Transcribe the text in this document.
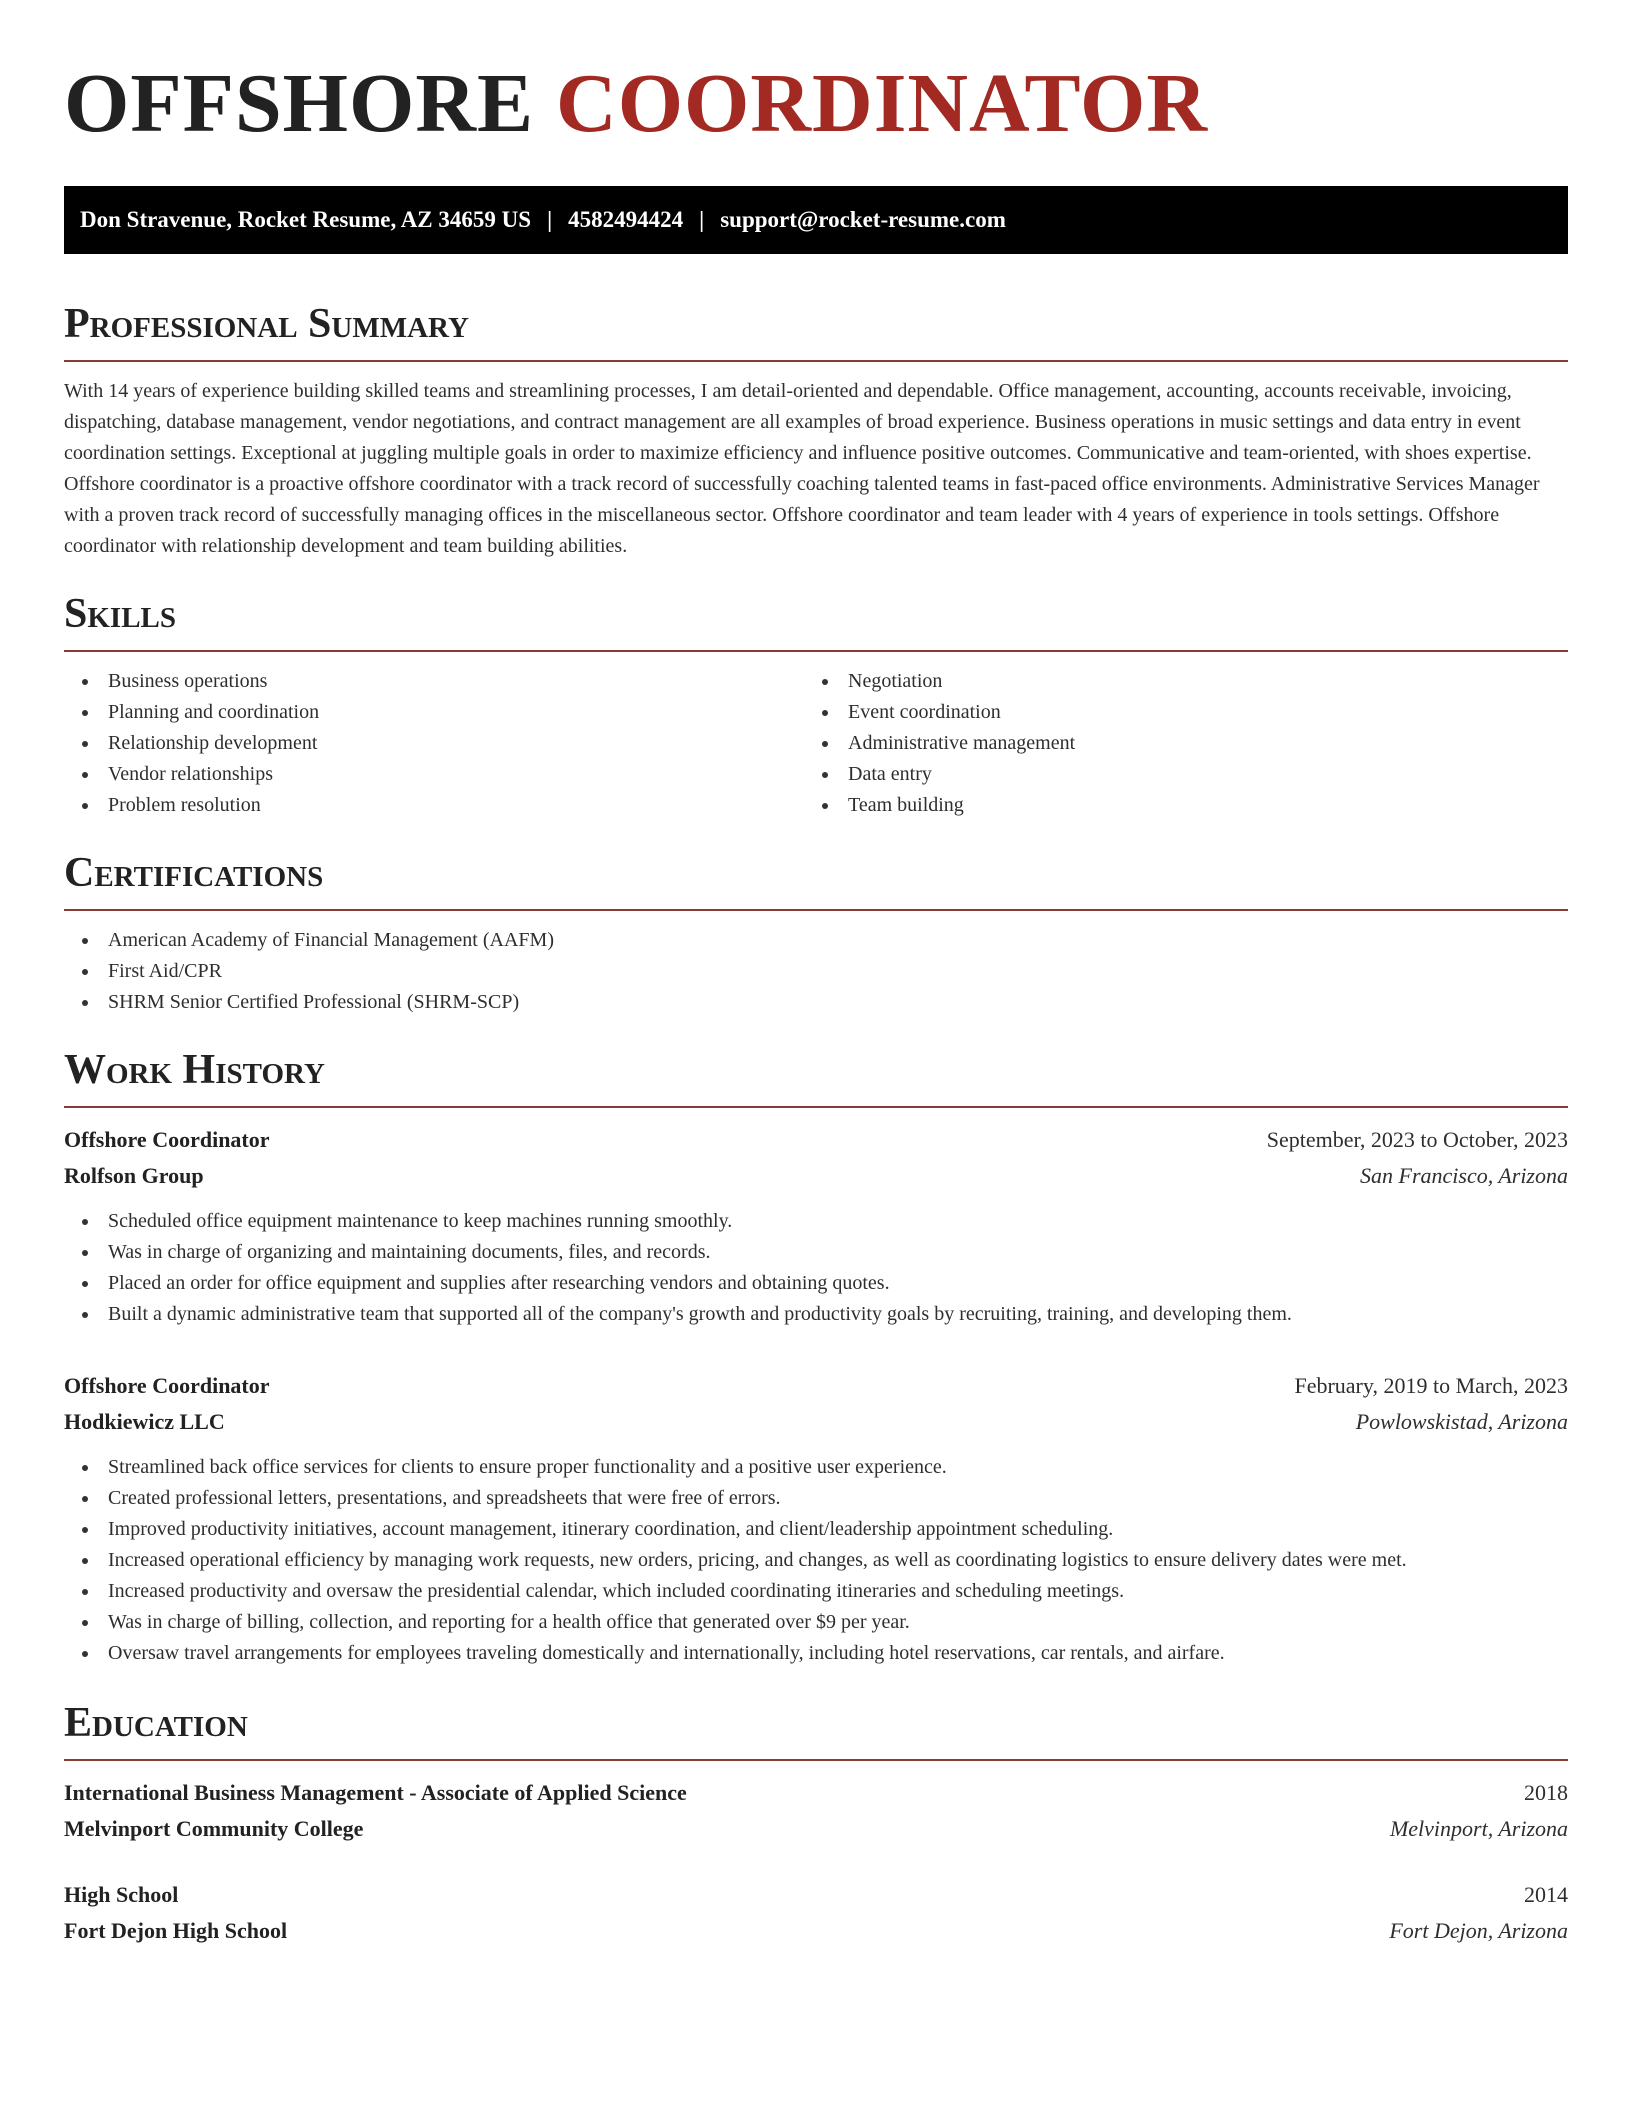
OFFSHORE COORDINATOR
Don Stravenue, Rocket Resume, AZ 34659 US | 4582494424 | support@rocket-resume.com
Professional Summary

With 14 years of experience building skilled teams and streamlining processes, I am detail-oriented and dependable. Office management, accounting, accounts receivable, invoicing, dispatching, database management, vendor negotiations, and contract management are all examples of broad experience. Business operations in music settings and data entry in event coordination settings. Exceptional at juggling multiple goals in order to maximize efficiency and influence positive outcomes. Communicative and team-oriented, with shoes expertise. Offshore coordinator is a proactive offshore coordinator with a track record of successfully coaching talented teams in fast-paced office environments. Administrative Services Manager with a proven track record of successfully managing offices in the miscellaneous sector. Offshore coordinator and team leader with 4 years of experience in tools settings. Offshore coordinator with relationship development and team building abilities.

Skills
Business operations
Planning and coordination
Relationship development
Vendor relationships
Problem resolution
Negotiation
Event coordination
Administrative management
Data entry
Team building
Certifications
American Academy of Financial Management (AAFM)
First Aid/CPR
SHRM Senior Certified Professional (SHRM-SCP)
Work History
Offshore Coordinator	September, 2023 to October, 2023
Rolfson Group	San Francisco, Arizona
Scheduled office equipment maintenance to keep machines running smoothly.
Was in charge of organizing and maintaining documents, files, and records.
Placed an order for office equipment and supplies after researching vendors and obtaining quotes.
Built a dynamic administrative team that supported all of the company's growth and productivity goals by recruiting, training, and developing them.
Offshore Coordinator	February, 2019 to March, 2023
Hodkiewicz LLC	Powlowskistad, Arizona
Streamlined back office services for clients to ensure proper functionality and a positive user experience.
Created professional letters, presentations, and spreadsheets that were free of errors.
Improved productivity initiatives, account management, itinerary coordination, and client/leadership appointment scheduling.
Increased operational efficiency by managing work requests, new orders, pricing, and changes, as well as coordinating logistics to ensure delivery dates were met.
Increased productivity and oversaw the presidential calendar, which included coordinating itineraries and scheduling meetings.
Was in charge of billing, collection, and reporting for a health office that generated over $9 per year.
Oversaw travel arrangements for employees traveling domestically and internationally, including hotel reservations, car rentals, and airfare.
Education
International Business Management - Associate of Applied Science	2018
Melvinport Community College	Melvinport, Arizona
High School	2014
Fort Dejon High School	Fort Dejon, Arizona
